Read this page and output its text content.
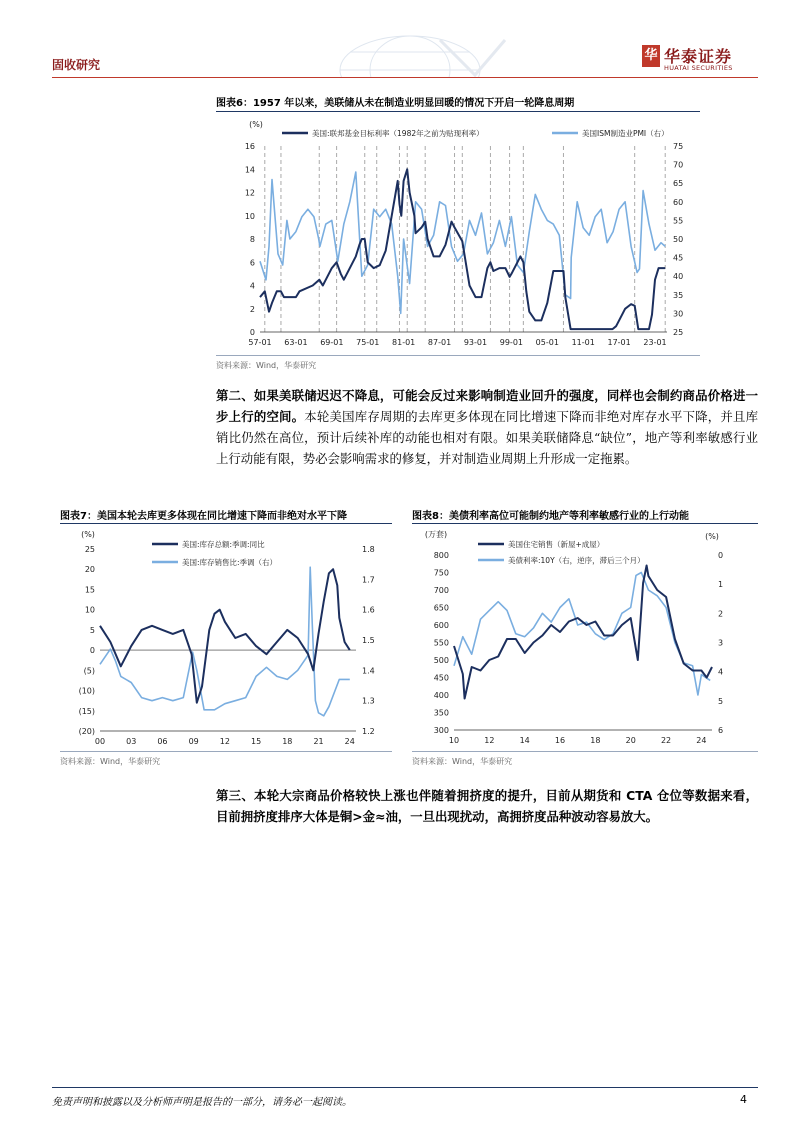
固收研究
华 华泰证券
HUATAI SECURITIES
图表6：1957 年以来，美联储从未在制造业明显回暖的情况下开启一轮降息周期
57-01 63-01 69-01 75-01 81-01 87-01 93-01 99-01 05-01 11-01 17-01 23-01
0
2
4
6
8
10
12
14
16
25
30
35
40
45
50
55
60
65
70
75
(%)
美国:联邦基金目标利率（1982年之前为贴现利率）	美国ISM制造业PMI（右）
资料来源：Wind，华泰研究
第二、如果美联储迟迟不降息，可能会反过来影响制造业回升的强度，同样也会制约商品价格进一步上行的空间。本轮美国库存周期的去库更多体现在同比增速下降而非绝对库存水平下降，并且库销比仍然在高位，预计后续补库的动能也相对有限。如果美联储降息“缺位”，地产等利率敏感行业上行动能有限，势必会影响需求的修复，并对制造业周期上升形成一定拖累。
图表7：美国本轮去库更多体现在同比增速下降而非绝对水平下降
00	03	06	09	12	15	18	21	24
(20)
(15)
(10)
(5)
0
5
10
15
20
25
1.2
1.3
1.4
1.5
1.6
1.7
1.8
(%)
美国:库存总额:季调:同比
美国:库存销售比:季调（右）
资料来源：Wind，华泰研究
图表8：美债利率高位可能制约地产等利率敏感行业的上行动能
10	12	14	16	18	20	22	24
300
350
400
450
500
550
600
650
700
750
800	0
1
2
3
4
5
6
(万套)	(%)
美国住宅销售（新屋+成屋）
美债利率:10Y（右，逆序，滞后三个月）
资料来源：Wind，华泰研究
第三、本轮大宗商品价格较快上涨也伴随着拥挤度的提升，目前从期货和 CTA 仓位等数据来看，目前拥挤度排序大体是铜>金≈油，一旦出现扰动，高拥挤度品种波动容易放大。
免责声明和披露以及分析师声明是报告的一部分，请务必一起阅读。	4
